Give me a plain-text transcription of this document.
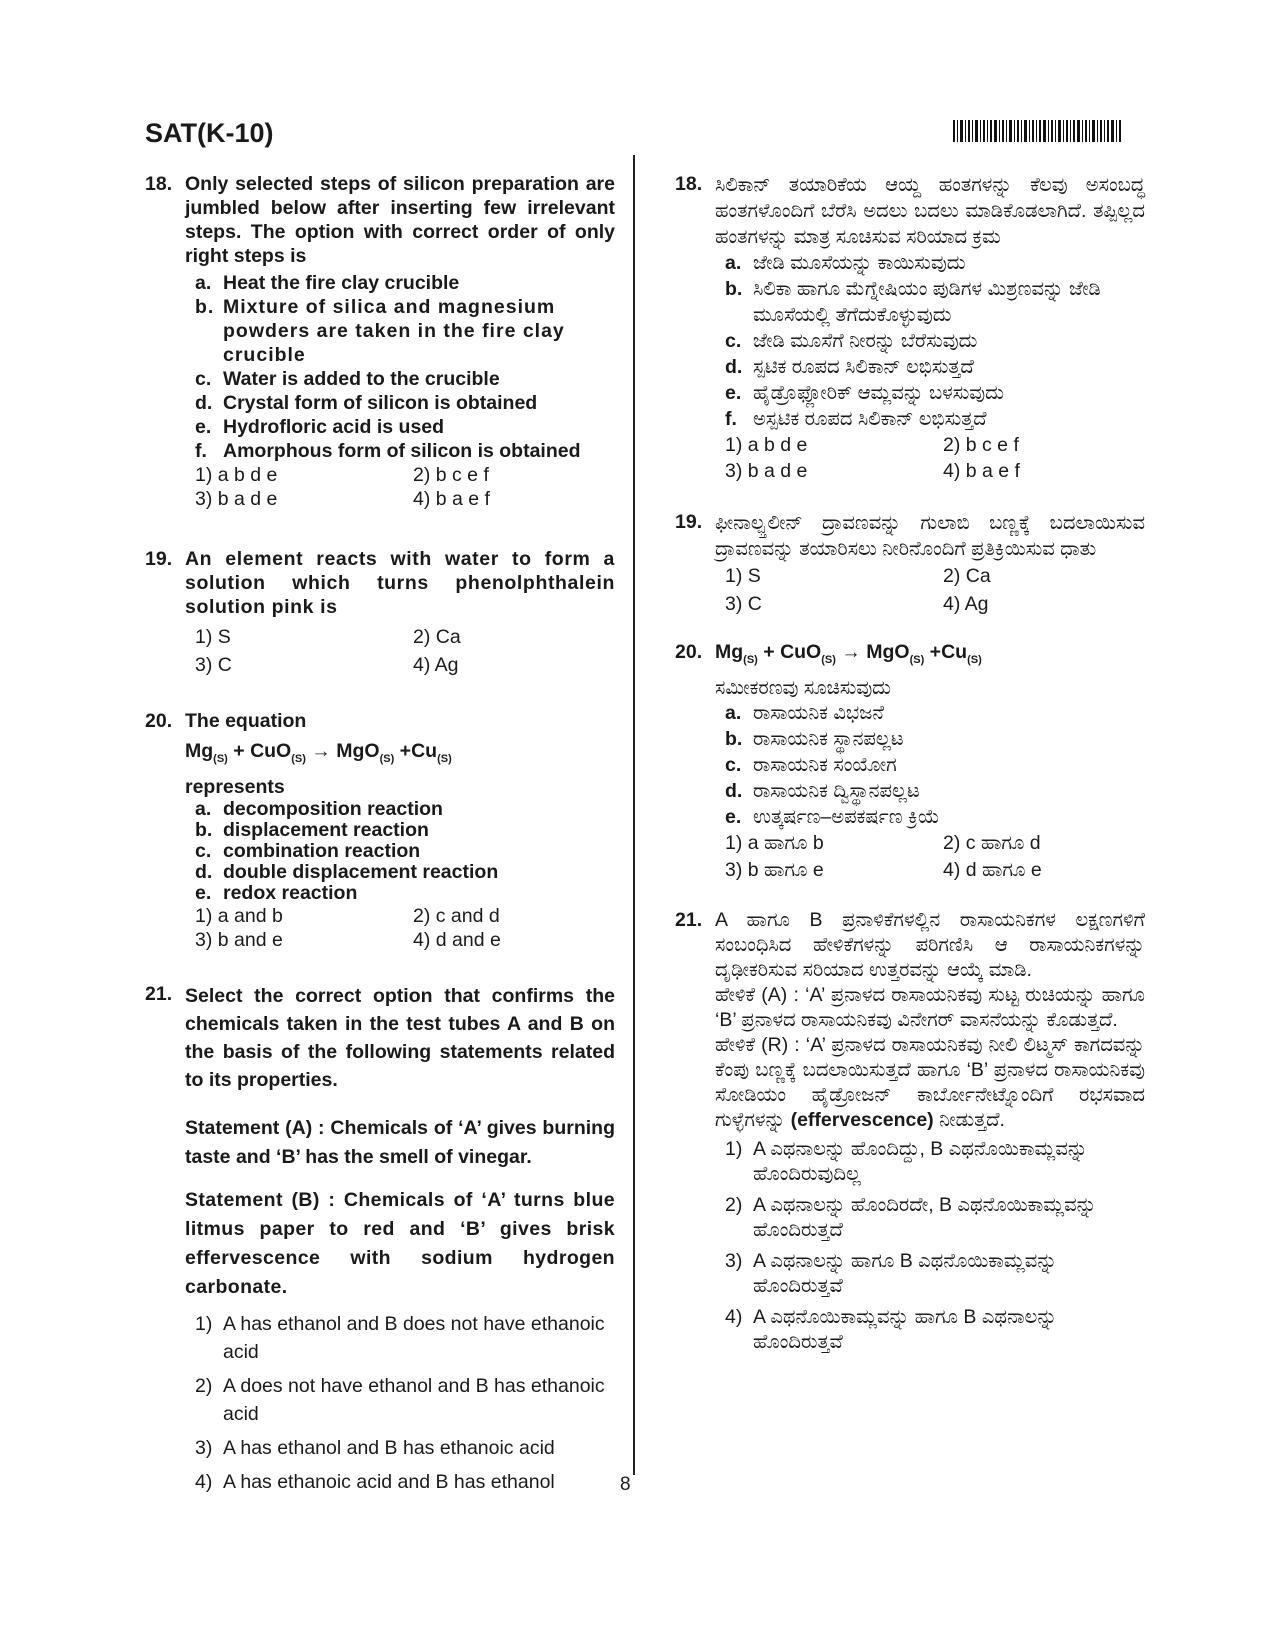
SAT(K-10)
18. Only selected steps of silicon preparation are jumbled below after inserting few irrelevant steps. The option with correct order of only right steps is
a. Heat the fire clay crucible
b. Mixture of silica and magnesium powders are taken in the fire clay crucible
c. Water is added to the crucible
d. Crystal form of silicon is obtained
e. Hydrofloric acid is used
f. Amorphous form of silicon is obtained
1) a b d e	2) b c e f
3) b a d e	4) b a e f
19. An element reacts with water to form a solution which turns phenolphthalein solution pink is
1) S	2) Ca
3) C	4) Ag
20. The equation
$Mg_{(S)} + CuO_{(S)} \to MgO_{(S)} +Cu_{(S)}$
represents
a. decomposition reaction
b. displacement reaction
c. combination reaction
d. double displacement reaction
e. redox reaction
1) a and b	2) c and d
3) b and e	4) d and e
21. Select the correct option that confirms the chemicals taken in the test tubes A and B on the basis of the following statements related to its properties.
Statement (A) : Chemicals of ‘A’ gives burning taste and ‘B’ has the smell of vinegar.
Statement (B) : Chemicals of ‘A’ turns blue litmus paper to red and ‘B’ gives brisk effervescence with sodium hydrogen carbonate.
1) A has ethanol and B does not have ethanoic acid
2) A does not have ethanol and B has ethanoic acid
3) A has ethanol and B has ethanoic acid
4) A has ethanoic acid and B has ethanol
18. ಸಿಲಿಕಾನ್ ತಯಾರಿಕೆಯ ಆಯ್ದ ಹಂತಗಳನ್ನು ಕೆಲವು ಅಸಂಬದ್ಧ ಹಂತಗಳೊಂದಿಗೆ ಬೆರೆಸಿ ಅದಲು ಬದಲು ಮಾಡಿಕೊಡಲಾಗಿದೆ. ತಪ್ಪಿಲ್ಲದ ಹಂತಗಳನ್ನು ಮಾತ್ರ ಸೂಚಿಸುವ ಸರಿಯಾದ ಕ್ರಮ
a. ಜೇಡಿ ಮೂಸೆಯನ್ನು ಕಾಯಿಸುವುದು
b. ಸಿಲಿಕಾ ಹಾಗೂ ಮೆಗ್ನೇಷಿಯಂ ಪುಡಿಗಳ ಮಿಶ್ರಣವನ್ನು ಜೇಡಿ ಮೂಸೆಯಲ್ಲಿ ತೆಗೆದುಕೊಳ್ಳುವುದು
c. ಜೇಡಿ ಮೂಸೆಗೆ ನೀರನ್ನು ಬೆರೆಸುವುದು
d. ಸ್ಪಟಿಕ ರೂಪದ ಸಿಲಿಕಾನ್ ಲಭಿಸುತ್ತದೆ
e. ಹೈಡ್ರೊಫ್ಲೋರಿಕ್ ಆಮ್ಲವನ್ನು ಬಳಸುವುದು
f. ಅಸ್ಪಟಿಕ ರೂಪದ ಸಿಲಿಕಾನ್ ಲಭಿಸುತ್ತದೆ
1) a b d e	2) b c e f
3) b a d e	4) b a e f
19. ಫೀನಾಲ್ಫ್ತಲೀನ್ ದ್ರಾವಣವನ್ನು ಗುಲಾಬಿ ಬಣ್ಣಕ್ಕೆ ಬದಲಾಯಿಸುವ ದ್ರಾವಣವನ್ನು ತಯಾರಿಸಲು ನೀರಿನೊಂದಿಗೆ ಪ್ರತಿಕ್ರಿಯಿಸುವ ಧಾತು
1) S	2) Ca
3) C	4) Ag
20. $Mg_{(S)} + CuO_{(S)} \to MgO_{(S)} +Cu_{(S)}$
ಸಮೀಕರಣವು ಸೂಚಿಸುವುದು
a. ರಾಸಾಯನಿಕ ವಿಭಜನೆ
b. ರಾಸಾಯನಿಕ ಸ್ಥಾನಪಲ್ಲಟ
c. ರಾಸಾಯನಿಕ ಸಂಯೋಗ
d. ರಾಸಾಯನಿಕ ದ್ವಿಸ್ಥಾನಪಲ್ಲಟ
e. ಉತ್ಕರ್ಷಣ–ಅಪಕರ್ಷಣ ಕ್ರಿಯೆ
1) a ಹಾಗೂ b	2) c ಹಾಗೂ d
3) b ಹಾಗೂ e	4) d ಹಾಗೂ e
21. A ಹಾಗೂ B ಪ್ರನಾಳಿಕೆಗಳಲ್ಲಿನ ರಾಸಾಯನಿಕಗಳ ಲಕ್ಷಣಗಳಿಗೆ ಸಂಬಂಧಿಸಿದ ಹೇಳಿಕೆಗಳನ್ನು ಪರಿಗಣಿಸಿ ಆ ರಾಸಾಯನಿಕಗಳನ್ನು ದೃಢೀಕರಿಸುವ ಸರಿಯಾದ ಉತ್ತರವನ್ನು ಆಯ್ಕೆ ಮಾಡಿ.
ಹೇಳಿಕೆ (A) : ‘A’ ಪ್ರನಾಳದ ರಾಸಾಯನಿಕವು ಸುಟ್ಟ ರುಚಿಯನ್ನು ಹಾಗೂ ‘B’ ಪ್ರನಾಳದ ರಾಸಾಯನಿಕವು ವಿನೇಗರ್ ವಾಸನೆಯನ್ನು ಕೊಡುತ್ತದೆ.
ಹೇಳಿಕೆ (R) : ‘A’ ಪ್ರನಾಳದ ರಾಸಾಯನಿಕವು ನೀಲಿ ಲಿಟ್ಮಸ್ ಕಾಗದವನ್ನು ಕೆಂಪು ಬಣ್ಣಕ್ಕೆ ಬದಲಾಯಿಸುತ್ತದೆ ಹಾಗೂ ‘B’ ಪ್ರನಾಳದ ರಾಸಾಯನಿಕವು ಸೋಡಿಯಂ ಹೈಡ್ರೋಜನ್ ಕಾರ್ಬೋನೇಟ್ನೊಂದಿಗೆ ರಭಸವಾದ ಗುಳ್ಳೆಗಳನ್ನು (effervescence) ನೀಡುತ್ತದೆ.
1) A ಎಥನಾಲನ್ನು ಹೊಂದಿದ್ದು, B ಎಥನೊಯಿಕಾಮ್ಲವನ್ನು ಹೊಂದಿರುವುದಿಲ್ಲ
2) A ಎಥನಾಲನ್ನು ಹೊಂದಿರದೇ, B ಎಥನೊಯಿಕಾಮ್ಲವನ್ನು ಹೊಂದಿರುತ್ತದೆ
3) A ಎಥನಾಲನ್ನು ಹಾಗೂ B ಎಥನೊಯಿಕಾಮ್ಲವನ್ನು ಹೊಂದಿರುತ್ತವೆ
4) A ಎಥನೊಯಿಕಾಮ್ಲವನ್ನು ಹಾಗೂ B ಎಥನಾಲನ್ನು ಹೊಂದಿರುತ್ತವೆ
8
